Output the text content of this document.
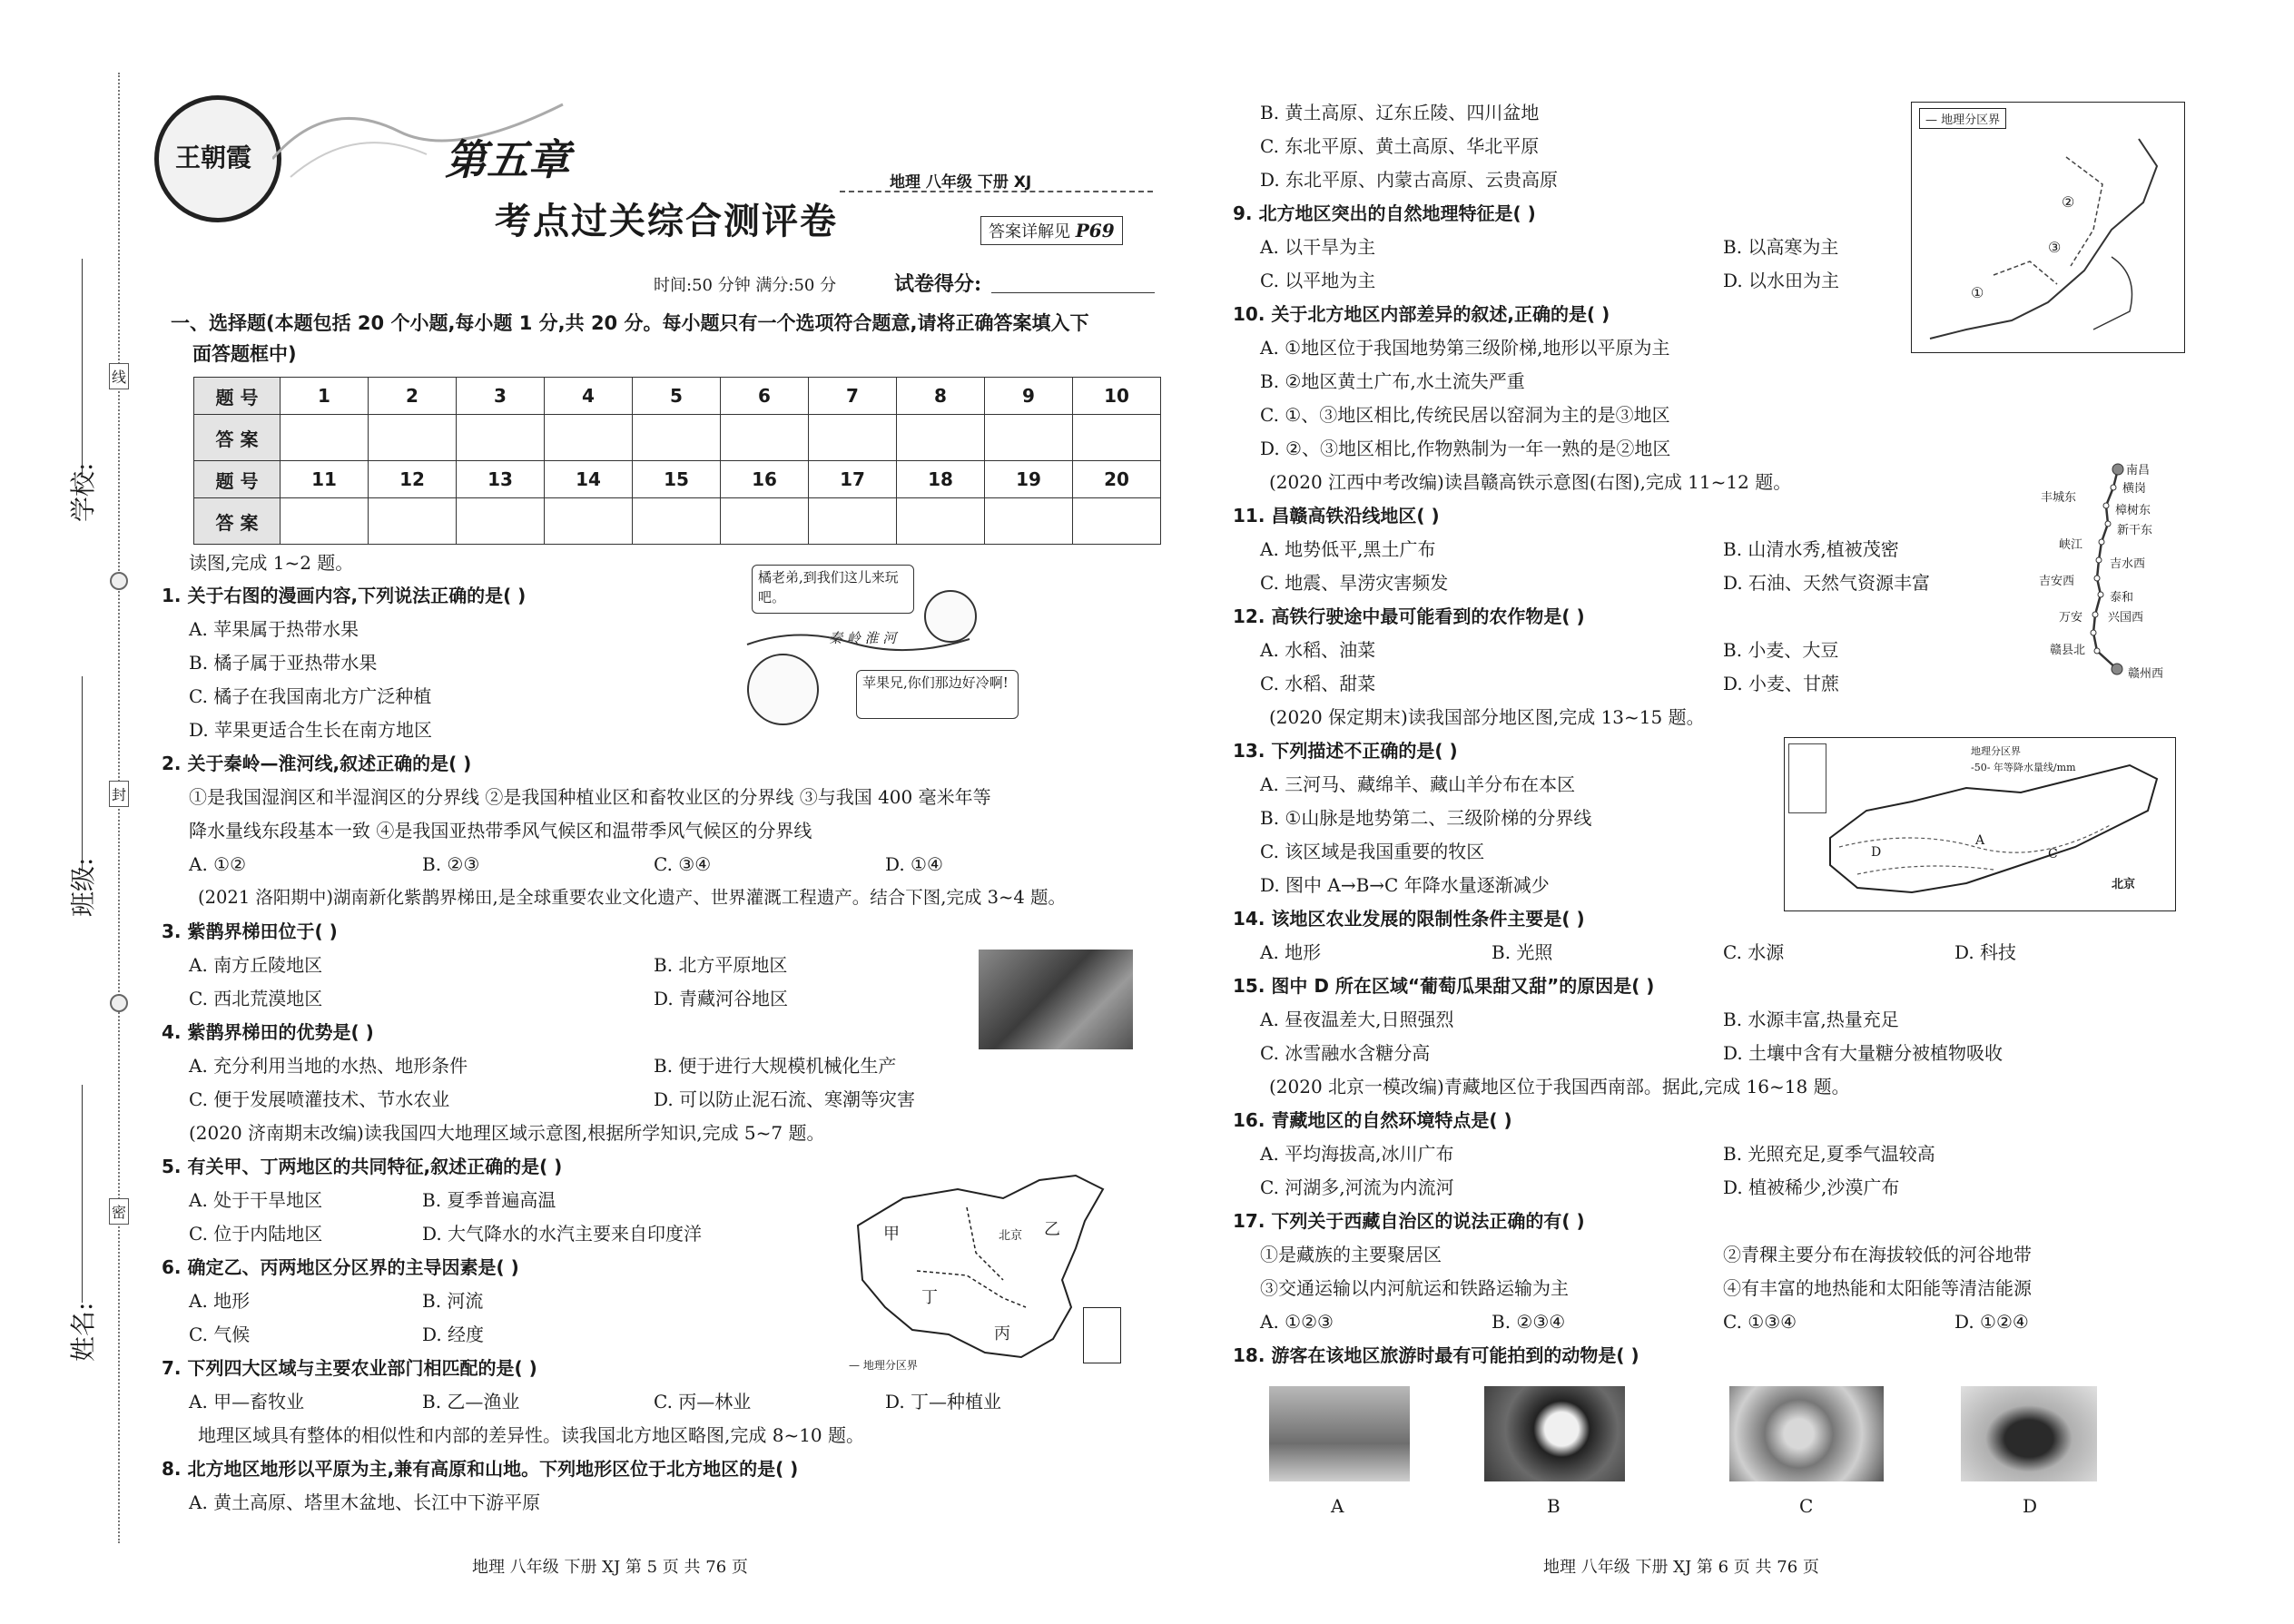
学校:
班级:
姓名:
线
封
密
王朝霞	第五章
考点过关综合测评卷
地理 八年级 下册 XJ
答案详解见 P69
时间:50 分钟 满分:50 分	试卷得分:
一、选择题(本题包括 20 个小题,每小题 1 分,共 20 分。每小题只有一个选项符合题意,请将正确答案填入下
面答题框中)
题 号	1	2	3	4	5	6	7	8	9	10
答 案										
题 号	11	12	13	14	15	16	17	18	19	20
答 案										
读图,完成 1~2 题。
1. 关于右图的漫画内容,下列说法正确的是( )
A. 苹果属于热带水果
B. 橘子属于亚热带水果
C. 橘子在我国南北方广泛种植
D. 苹果更适合生长在南方地区
橘老弟,到我们这儿来玩吧。
秦 岭 淮 河
苹果兄,你们那边好冷啊!
2. 关于秦岭—淮河线,叙述正确的是( )
①是我国湿润区和半湿润区的分界线 ②是我国种植业区和畜牧业区的分界线 ③与我国 400 毫米年等
降水量线东段基本一致 ④是我国亚热带季风气候区和温带季风气候区的分界线
A. ①②	B. ②③	C. ③④	D. ①④
(2021 洛阳期中)湖南新化紫鹊界梯田,是全球重要农业文化遗产、世界灌溉工程遗产。结合下图,完成 3~4 题。
3. 紫鹊界梯田位于( )
A. 南方丘陵地区	B. 北方平原地区
C. 西北荒漠地区	D. 青藏河谷地区
4. 紫鹊界梯田的优势是( )
A. 充分利用当地的水热、地形条件	B. 便于进行大规模机械化生产
C. 便于发展喷灌技术、节水农业	D. 可以防止泥石流、寒潮等灾害
(2020 济南期末改编)读我国四大地理区域示意图,根据所学知识,完成 5~7 题。
5. 有关甲、丁两地区的共同特征,叙述正确的是( )
A. 处于干旱地区	B. 夏季普遍高温
C. 位于内陆地区	D. 大气降水的水汽主要来自印度洋	甲	乙
北京
丁
丙
— 地理分区界
6. 确定乙、丙两地区分区界的主导因素是( )
A. 地形	B. 河流
C. 气候	D. 经度
7. 下列四大区域与主要农业部门相匹配的是( )
A. 甲—畜牧业	B. 乙—渔业	C. 丙—林业	D. 丁—种植业
地理区域具有整体的相似性和内部的差异性。读我国北方地区略图,完成 8~10 题。
8. 北方地区地形以平原为主,兼有高原和山地。下列地形区位于北方地区的是( )
A. 黄土高原、塔里木盆地、长江中下游平原
地理 八年级 下册 XJ 第 5 页 共 76 页
B. 黄土高原、辽东丘陵、四川盆地
C. 东北平原、黄土高原、华北平原
D. 东北平原、内蒙古高原、云贵高原
— 地理分区界
①
②
③
9. 北方地区突出的自然地理特征是( )
A. 以干旱为主	B. 以高寒为主
C. 以平地为主	D. 以水田为主
10. 关于北方地区内部差异的叙述,正确的是( )
A. ①地区位于我国地势第三级阶梯,地形以平原为主
B. ②地区黄土广布,水土流失严重
C. ①、③地区相比,传统民居以窑洞为主的是③地区
D. ②、③地区相比,作物熟制为一年一熟的是②地区
(2020 江西中考改编)读昌赣高铁示意图(右图),完成 11~12 题。
南昌
横岗
丰城东
樟树东
新干东
峡江
吉水西
吉安西
泰和
万安 兴国西
赣县北
赣州西
11. 昌赣高铁沿线地区( )
A. 地势低平,黑土广布	B. 山清水秀,植被茂密
C. 地震、旱涝灾害频发	D. 石油、天然气资源丰富
12. 高铁行驶途中最可能看到的农作物是( )
A. 水稻、油菜	B. 小麦、大豆
C. 水稻、甜菜	D. 小麦、甘蔗
(2020 保定期末)读我国部分地区图,完成 13~15 题。
地理分区界
-50- 年等降水量线/mm
D
A
C
北京
13. 下列描述不正确的是( )
A. 三河马、藏绵羊、藏山羊分布在本区
B. ①山脉是地势第二、三级阶梯的分界线
C. 该区域是我国重要的牧区
D. 图中 A→B→C 年降水量逐渐减少
14. 该地区农业发展的限制性条件主要是( )
A. 地形	B. 光照	C. 水源	D. 科技
15. 图中 D 所在区域“葡萄瓜果甜又甜”的原因是( )
A. 昼夜温差大,日照强烈	B. 水源丰富,热量充足
C. 冰雪融水含糖分高	D. 土壤中含有大量糖分被植物吸收
(2020 北京一模改编)青藏地区位于我国西南部。据此,完成 16~18 题。
16. 青藏地区的自然环境特点是( )
A. 平均海拔高,冰川广布	B. 光照充足,夏季气温较高
C. 河湖多,河流为内流河	D. 植被稀少,沙漠广布
17. 下列关于西藏自治区的说法正确的有( )
①是藏族的主要聚居区	②青稞主要分布在海拔较低的河谷地带
③交通运输以内河航运和铁路运输为主	④有丰富的地热能和太阳能等清洁能源
A. ①②③	B. ②③④	C. ①③④	D. ①②④
18. 游客在该地区旅游时最有可能拍到的动物是( )
A	B	C	D
地理 八年级 下册 XJ 第 6 页 共 76 页
